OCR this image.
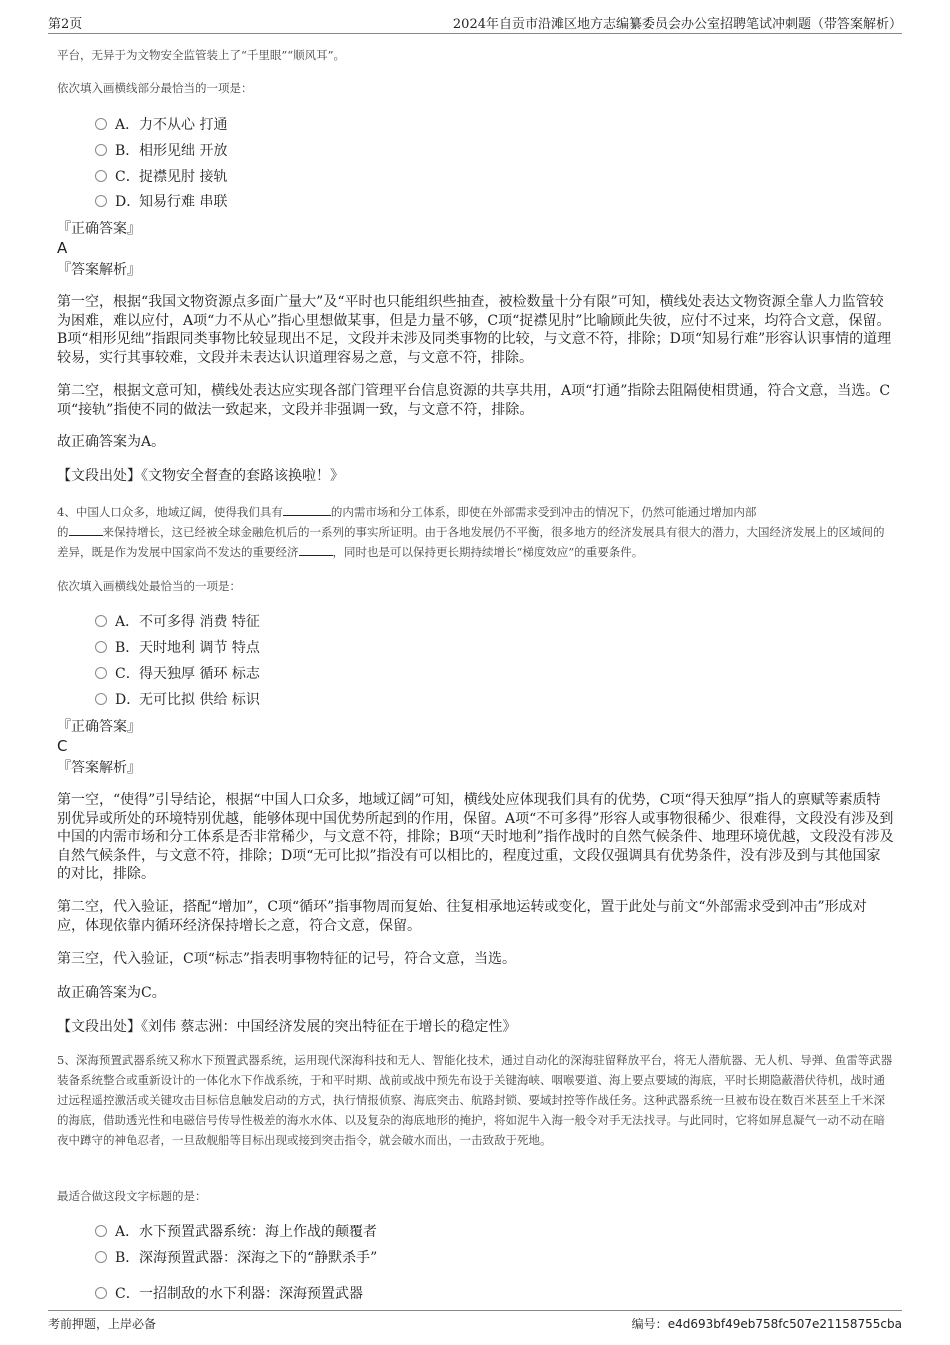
第2页	2024年自贡市沿滩区地方志编纂委员会办公室招聘笔试冲刺题（带答案解析）

平台，无异于为文物安全监管装上了“千里眼”“顺风耳”。

依次填入画横线部分最恰当的一项是：

A．力不从心 打通
B．相形见绌 开放
C．捉襟见肘 接轨
D．知易行难 串联
『正确答案』
A
『答案解析』

第一空，根据“我国文物资源点多面广量大”及“平时也只能组织些抽查，被检数量十分有限”可知，横线处表达文物资源全靠人力监管较为困难，难以应付，A项“力不从心”指心里想做某事，但是力量不够，C项“捉襟见肘”比喻顾此失彼，应付不过来，均符合文意，保留。B项“相形见绌”指跟同类事物比较显现出不足，文段并未涉及同类事物的比较，与文意不符，排除；D项“知易行难”形容认识事情的道理较易，实行其事较难，文段并未表达认识道理容易之意，与文意不符，排除。

第二空，根据文意可知，横线处表达应实现各部门管理平台信息资源的共享共用，A项“打通”指除去阻隔使相贯通，符合文意，当选。C项“接轨”指使不同的做法一致起来，文段并非强调一致，与文意不符，排除。

故正确答案为A。

【文段出处】《文物安全督查的套路该换啦！》

4、中国人口众多，地域辽阔，使得我们具有	的内需市场和分工体系，即使在外部需求受到冲击的情况下，仍然可能通过增加内部
的	来保持增长，这已经被全球金融危机后的一系列的事实所证明。由于各地发展仍不平衡，很多地方的经济发展具有很大的潜力，大国经济发展上的区域间的差异，既是作为发展中国家尚不发达的重要经济	，同时也是可以保持更长期持续增长“梯度效应”的重要条件。

依次填入画横线处最恰当的一项是：

A．不可多得 消费 特征
B．天时地利 调节 特点
C．得天独厚 循环 标志
D．无可比拟 供给 标识
『正确答案』
C
『答案解析』

第一空，“使得”引导结论，根据“中国人口众多，地域辽阔”可知，横线处应体现我们具有的优势，C项“得天独厚”指人的禀赋等素质特别优异或所处的环境特别优越，能够体现中国优势所起到的作用，保留。A项“不可多得”形容人或事物很稀少、很难得，文段没有涉及到中国的内需市场和分工体系是否非常稀少，与文意不符，排除；B项“天时地利”指作战时的自然气候条件、地理环境优越，文段没有涉及自然气候条件，与文意不符，排除；D项“无可比拟”指没有可以相比的，程度过重，文段仅强调具有优势条件，没有涉及到与其他国家的对比，排除。

第二空，代入验证，搭配“增加”，C项“循环”指事物周而复始、往复相承地运转或变化，置于此处与前文“外部需求受到冲击”形成对应，体现依靠内循环经济保持增长之意，符合文意，保留。

第三空，代入验证，C项“标志”指表明事物特征的记号，符合文意，当选。

故正确答案为C。

【文段出处】《刘伟 蔡志洲：中国经济发展的突出特征在于增长的稳定性》

5、深海预置武器系统又称水下预置武器系统，运用现代深海科技和无人、智能化技术，通过自动化的深海驻留释放平台，将无人潜航器、无人机、导弹、鱼雷等武器装备系统整合或重新设计的一体化水下作战系统，于和平时期、战前或战中预先布设于关键海峡、咽喉要道、海上要点要域的海底，平时长期隐蔽潜伏待机，战时通过远程遥控激活或关键攻击目标信息触发启动的方式，执行情报侦察、海底突击、航路封锁、要域封控等作战任务。这种武器系统一旦被布设在数百米甚至上千米深的海底，借助透光性和电磁信号传导性极差的海水水体、以及复杂的海底地形的掩护，将如泥牛入海一般令对手无法找寻。与此同时，它将如屏息凝气一动不动在暗夜中蹲守的神龟忍者，一旦敌舰船等目标出现或接到突击指令，就会破水而出，一击致敌于死地。

最适合做这段文字标题的是：

A．水下预置武器系统：海上作战的颠覆者
B．深海预置武器：深海之下的“静默杀手”
C．一招制敌的水下利器：深海预置武器
考前押题，上岸必备	编号：e4d693bf49eb758fc507e21158755cba
